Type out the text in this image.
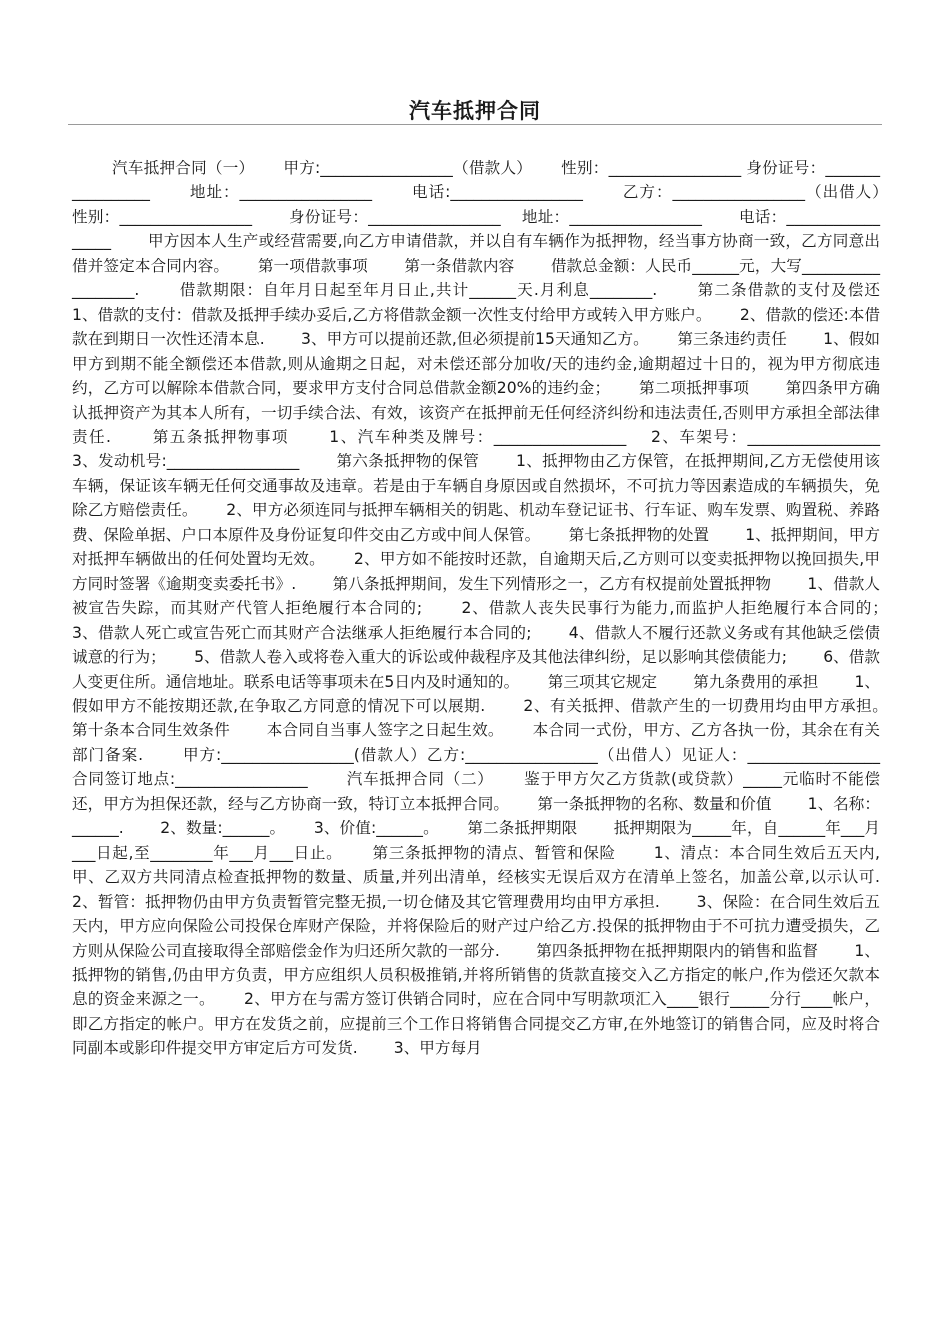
汽车抵押合同

汽车抵押合同（一）　　 甲方:_________________（借款人）　　 性别：_________________ 身份证号：_________________　　 地址：_________________　　 电话:_________________　　 乙方：_________________（出借人）　 性别：_________________　　 身份证号：_________________　 地址：_________________　　 电话：_________________　　 甲方因本人生产或经营需要,向乙方申请借款，并以自有车辆作为抵押物，经当事方协商一致，乙方同意出借并签定本合同内容。　　 第一项借款事项　　 第一条借款内容　　 借款总金额：人民币______元，大写__________________.　　 借款期限：自年月日起至年月日止,共计______天.月利息________.　　 第二条借款的支付及偿还　　 1、借款的支付：借款及抵押手续办妥后,乙方将借款金额一次性支付给甲方或转入甲方账户。　　 2、借款的偿还:本借款在到期日一次性还清本息.　　 3、甲方可以提前还款,但必须提前15天通知乙方。　　 第三条违约责任　　 1、假如甲方到期不能全额偿还本借款,则从逾期之日起，对未偿还部分加收/天的违约金,逾期超过十日的，视为甲方彻底违约，乙方可以解除本借款合同，要求甲方支付合同总借款金额20%的违约金；　　 第二项抵押事项　　 第四条甲方确认抵押资产为其本人所有，一切手续合法、有效，该资产在抵押前无任何经济纠纷和违法责任,否则甲方承担全部法律责任.　　 第五条抵押物事项　　 1、汽车种类及牌号：_________________　 2、车架号：_________________　　 3、发动机号:_________________　　 第六条抵押物的保管　　 1、抵押物由乙方保管，在抵押期间,乙方无偿使用该车辆，保证该车辆无任何交通事故及违章。若是由于车辆自身原因或自然损坏，不可抗力等因素造成的车辆损失，免除乙方赔偿责任。　　 2、甲方必须连同与抵押车辆相关的钥匙、机动车登记证书、行车证、购车发票、购置税、养路费、保险单据、户口本原件及身份证复印件交由乙方或中间人保管。　　 第七条抵押物的处置　　 1、抵押期间，甲方对抵押车辆做出的任何处置均无效。　　 2、甲方如不能按时还款，自逾期天后,乙方则可以变卖抵押物以挽回损失,甲方同时签署《逾期变卖委托书》.　　 第八条抵押期间，发生下列情形之一，乙方有权提前处置抵押物　　 1、借款人被宣告失踪，而其财产代管人拒绝履行本合同的;　　 2、借款人丧失民事行为能力,而监护人拒绝履行本合同的；　　 3、借款人死亡或宣告死亡而其财产合法继承人拒绝履行本合同的;　　 4、借款人不履行还款义务或有其他缺乏偿债诚意的行为；　　 5、借款人卷入或将卷入重大的诉讼或仲裁程序及其他法律纠纷，足以影响其偿债能力;　　 6、借款人变更住所。通信地址。联系电话等事项未在5日内及时通知的。　　 第三项其它规定　　 第九条费用的承担　　 1、假如甲方不能按期还款,在争取乙方同意的情况下可以展期.　　 2、有关抵押、借款产生的一切费用均由甲方承担。　　 第十条本合同生效条件　　 本合同自当事人签字之日起生效。　　 本合同一式份，甲方、乙方各执一份，其余在有关部门备案.　　 甲方:_________________(借款人）乙方:_________________（出借人）见证人：_________________　　 合同签订地点:_________________　　 汽车抵押合同（二）　　 鉴于甲方欠乙方货款(或贷款）_____元临时不能偿还，甲方为担保还款，经与乙方协商一致，特订立本抵押合同。　　 第一条抵押物的名称、数量和价值　　 1、名称：______.　　 2、数量:______。　　 3、价值:______。　　 第二条抵押期限　　 抵押期限为_____年，自______年___月___日起,至________年___月___日止。　　 第三条抵押物的清点、暂管和保险　　 1、清点：本合同生效后五天内,甲、乙双方共同清点检查抵押物的数量、质量,并列出清单，经核实无误后双方在清单上签名，加盖公章,以示认可.　　 2、暂管：抵押物仍由甲方负责暂管完整无损,一切仓储及其它管理费用均由甲方承担.　　 3、保险：在合同生效后五天内，甲方应向保险公司投保仓库财产保险，并将保险后的财产过户给乙方.投保的抵押物由于不可抗力遭受损失，乙方则从保险公司直接取得全部赔偿金作为归还所欠款的一部分.　　 第四条抵押物在抵押期限内的销售和监督　　 1、抵押物的销售,仍由甲方负责，甲方应组织人员积极推销,并将所销售的货款直接交入乙方指定的帐户,作为偿还欠款本息的资金来源之一。　　 2、甲方在与需方签订供销合同时，应在合同中写明款项汇入____银行_____分行____帐户，即乙方指定的帐户。甲方在发货之前，应提前三个工作日将销售合同提交乙方审,在外地签订的销售合同，应及时将合同副本或影印件提交甲方审定后方可发货.　　 3、甲方每月
